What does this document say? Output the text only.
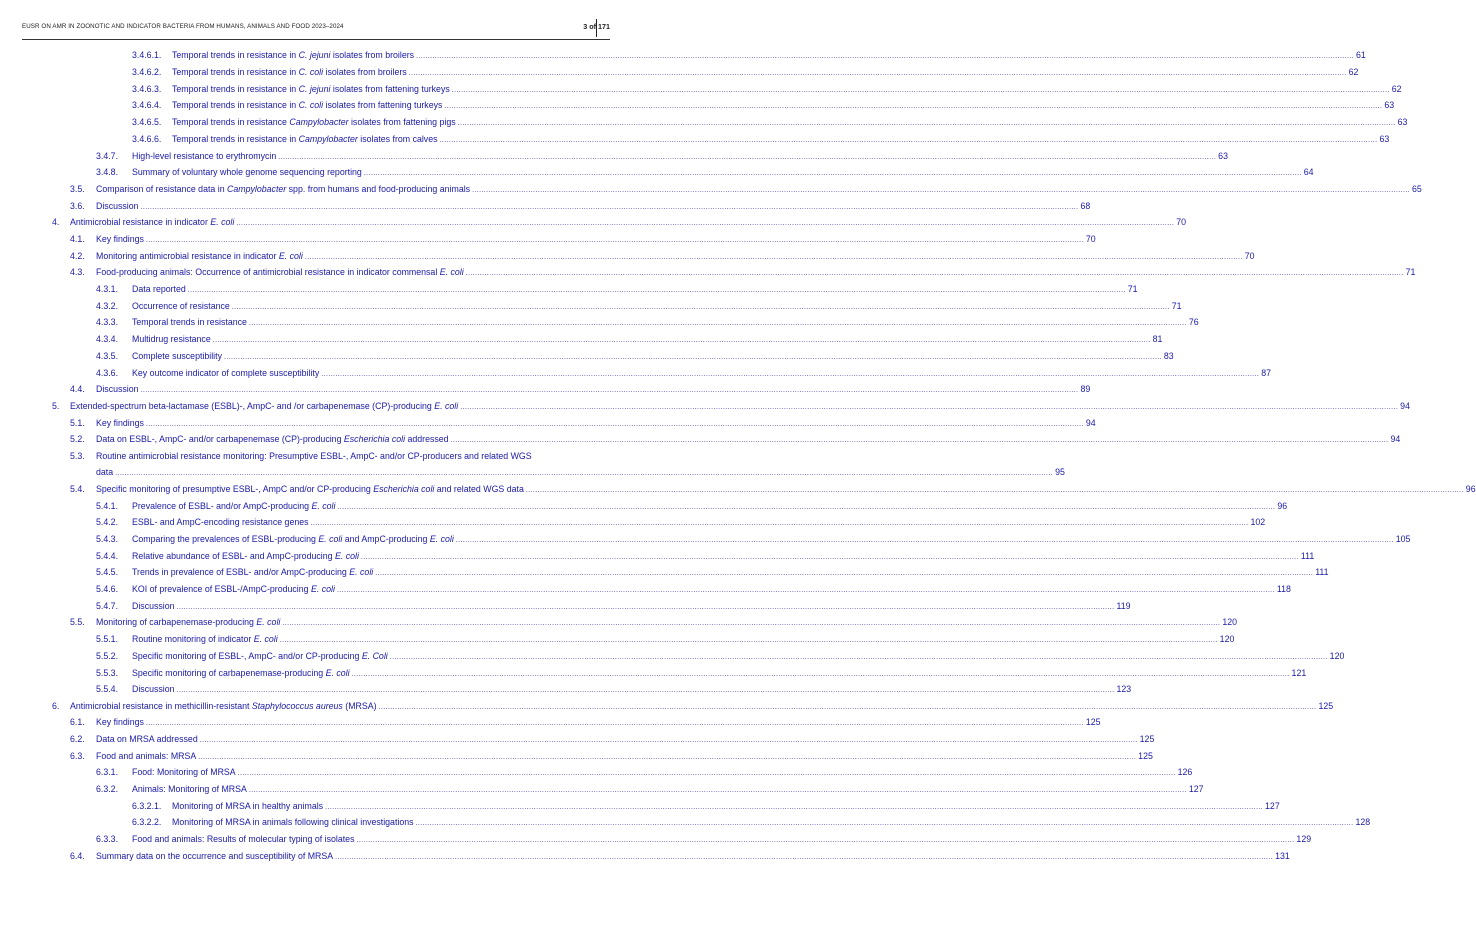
EUSR ON AMR IN ZOONOTIC AND INDICATOR BACTERIA FROM HUMANS, ANIMALS AND FOOD 2023–2024	3 of 171
3.4.6.1.	Temporal trends in resistance in C. jejuni isolates from broilers ................................................................................................................................................................................................................................................................................................................................................................................................................ 61
3.4.6.2.	Temporal trends in resistance in C. coli isolates from broilers ................................................................................................................................................................................................................................................................................................................................................................................................................ 62
3.4.6.3.	Temporal trends in resistance in C. jejuni isolates from fattening turkeys ................................................................................................................................................................................................................................................................................................................................................................................................................ 62
3.4.6.4.	Temporal trends in resistance in C. coli isolates from fattening turkeys ................................................................................................................................................................................................................................................................................................................................................................................................................ 63
3.4.6.5.	Temporal trends in resistance Campylobacter isolates from fattening pigs ................................................................................................................................................................................................................................................................................................................................................................................................................ 63
3.4.6.6.	Temporal trends in resistance in Campylobacter isolates from calves ................................................................................................................................................................................................................................................................................................................................................................................................................ 63
3.4.7.	High-level resistance to erythromycin ................................................................................................................................................................................................................................................................................................................................................................................................................ 63
3.4.8.	Summary of voluntary whole genome sequencing reporting ................................................................................................................................................................................................................................................................................................................................................................................................................ 64
3.5.	Comparison of resistance data in Campylobacter spp. from humans and food-producing animals ................................................................................................................................................................................................................................................................................................................................................................................................................ 65
3.6.	Discussion ................................................................................................................................................................................................................................................................................................................................................................................................................ 68
4.	Antimicrobial resistance in indicator E. coli ................................................................................................................................................................................................................................................................................................................................................................................................................ 70
4.1.	Key findings ................................................................................................................................................................................................................................................................................................................................................................................................................ 70
4.2.	Monitoring antimicrobial resistance in indicator E. coli ................................................................................................................................................................................................................................................................................................................................................................................................................ 70
4.3.	Food-producing animals: Occurrence of antimicrobial resistance in indicator commensal E. coli ................................................................................................................................................................................................................................................................................................................................................................................................................ 71
4.3.1.	Data reported ................................................................................................................................................................................................................................................................................................................................................................................................................ 71
4.3.2.	Occurrence of resistance ................................................................................................................................................................................................................................................................................................................................................................................................................ 71
4.3.3.	Temporal trends in resistance ................................................................................................................................................................................................................................................................................................................................................................................................................ 76
4.3.4.	Multidrug resistance ................................................................................................................................................................................................................................................................................................................................................................................................................ 81
4.3.5.	Complete susceptibility ................................................................................................................................................................................................................................................................................................................................................................................................................ 83
4.3.6.	Key outcome indicator of complete susceptibility ................................................................................................................................................................................................................................................................................................................................................................................................................ 87
4.4.	Discussion ................................................................................................................................................................................................................................................................................................................................................................................................................ 89
5.	Extended-spectrum beta-lactamase (ESBL)-, AmpC- and /or carbapenemase (CP)-producing E. coli ................................................................................................................................................................................................................................................................................................................................................................................................................ 94
5.1.	Key findings ................................................................................................................................................................................................................................................................................................................................................................................................................ 94
5.2.	Data on ESBL-, AmpC- and/or carbapenemase (CP)-producing Escherichia coli addressed ................................................................................................................................................................................................................................................................................................................................................................................................................ 94
5.3.	Routine antimicrobial resistance monitoring: Presumptive ESBL-, AmpC- and/or CP-producers and related WGS
data ................................................................................................................................................................................................................................................................................................................................................................................................................ 95
5.4.	Specific monitoring of presumptive ESBL-, AmpC and/or CP-producing Escherichia coli and related WGS data ................................................................................................................................................................................................................................................................................................................................................................................................................ 96
5.4.1.	Prevalence of ESBL- and/or AmpC-producing E. coli ................................................................................................................................................................................................................................................................................................................................................................................................................ 96
5.4.2.	ESBL- and AmpC-encoding resistance genes ................................................................................................................................................................................................................................................................................................................................................................................................................ 102
5.4.3.	Comparing the prevalences of ESBL-producing E. coli and AmpC-producing E. coli ................................................................................................................................................................................................................................................................................................................................................................................................................ 105
5.4.4.	Relative abundance of ESBL- and AmpC-producing E. coli ................................................................................................................................................................................................................................................................................................................................................................................................................ 111
5.4.5.	Trends in prevalence of ESBL- and/or AmpC-producing E. coli ................................................................................................................................................................................................................................................................................................................................................................................................................ 111
5.4.6.	KOI of prevalence of ESBL-/AmpC-producing E. coli ................................................................................................................................................................................................................................................................................................................................................................................................................ 118
5.4.7.	Discussion ................................................................................................................................................................................................................................................................................................................................................................................................................ 119
5.5.	Monitoring of carbapenemase-producing E. coli ................................................................................................................................................................................................................................................................................................................................................................................................................ 120
5.5.1.	Routine monitoring of indicator E. coli ................................................................................................................................................................................................................................................................................................................................................................................................................ 120
5.5.2.	Specific monitoring of ESBL-, AmpC- and/or CP-producing E. Coli ................................................................................................................................................................................................................................................................................................................................................................................................................ 120
5.5.3.	Specific monitoring of carbapenemase-producing E. coli ................................................................................................................................................................................................................................................................................................................................................................................................................ 121
5.5.4.	Discussion ................................................................................................................................................................................................................................................................................................................................................................................................................ 123
6.	Antimicrobial resistance in methicillin-resistant Staphylococcus aureus (MRSA) ................................................................................................................................................................................................................................................................................................................................................................................................................ 125
6.1.	Key findings ................................................................................................................................................................................................................................................................................................................................................................................................................ 125
6.2.	Data on MRSA addressed ................................................................................................................................................................................................................................................................................................................................................................................................................ 125
6.3.	Food and animals: MRSA ................................................................................................................................................................................................................................................................................................................................................................................................................ 125
6.3.1.	Food: Monitoring of MRSA ................................................................................................................................................................................................................................................................................................................................................................................................................ 126
6.3.2.	Animals: Monitoring of MRSA ................................................................................................................................................................................................................................................................................................................................................................................................................ 127
6.3.2.1.	Monitoring of MRSA in healthy animals ................................................................................................................................................................................................................................................................................................................................................................................................................ 127
6.3.2.2.	Monitoring of MRSA in animals following clinical investigations ................................................................................................................................................................................................................................................................................................................................................................................................................ 128
6.3.3.	Food and animals: Results of molecular typing of isolates ................................................................................................................................................................................................................................................................................................................................................................................................................ 129
6.4.	Summary data on the occurrence and susceptibility of MRSA ................................................................................................................................................................................................................................................................................................................................................................................................................ 131
